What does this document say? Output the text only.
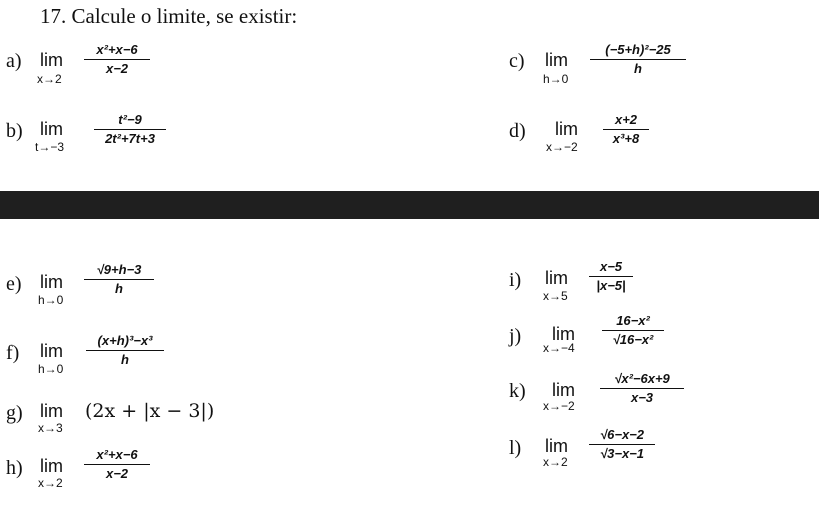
17. Calcule o limite, se existir:
a) lim
x→2
x²+x−6
x−2
b) lim
t→−3
t²−9
2t²+7t+3
c) lim
h→0
(−5+h)²−25
h
d) lim
x→−2
x+2
x³+8
e) lim
h→0
√9+h−3
h
f) lim
h→0
(x+h)³−x³
h
g) lim
x→3
(2x + |x − 3|)
h) lim
x→2
x²+x−6
x−2
i) lim
x→5
x−5
|x−5|
j) lim
x→−4
16−x²
√16−x²
k) lim
x→−2
√x²−6x+9
x−3
l) lim
x→2
√6−x−2
√3−x−1
